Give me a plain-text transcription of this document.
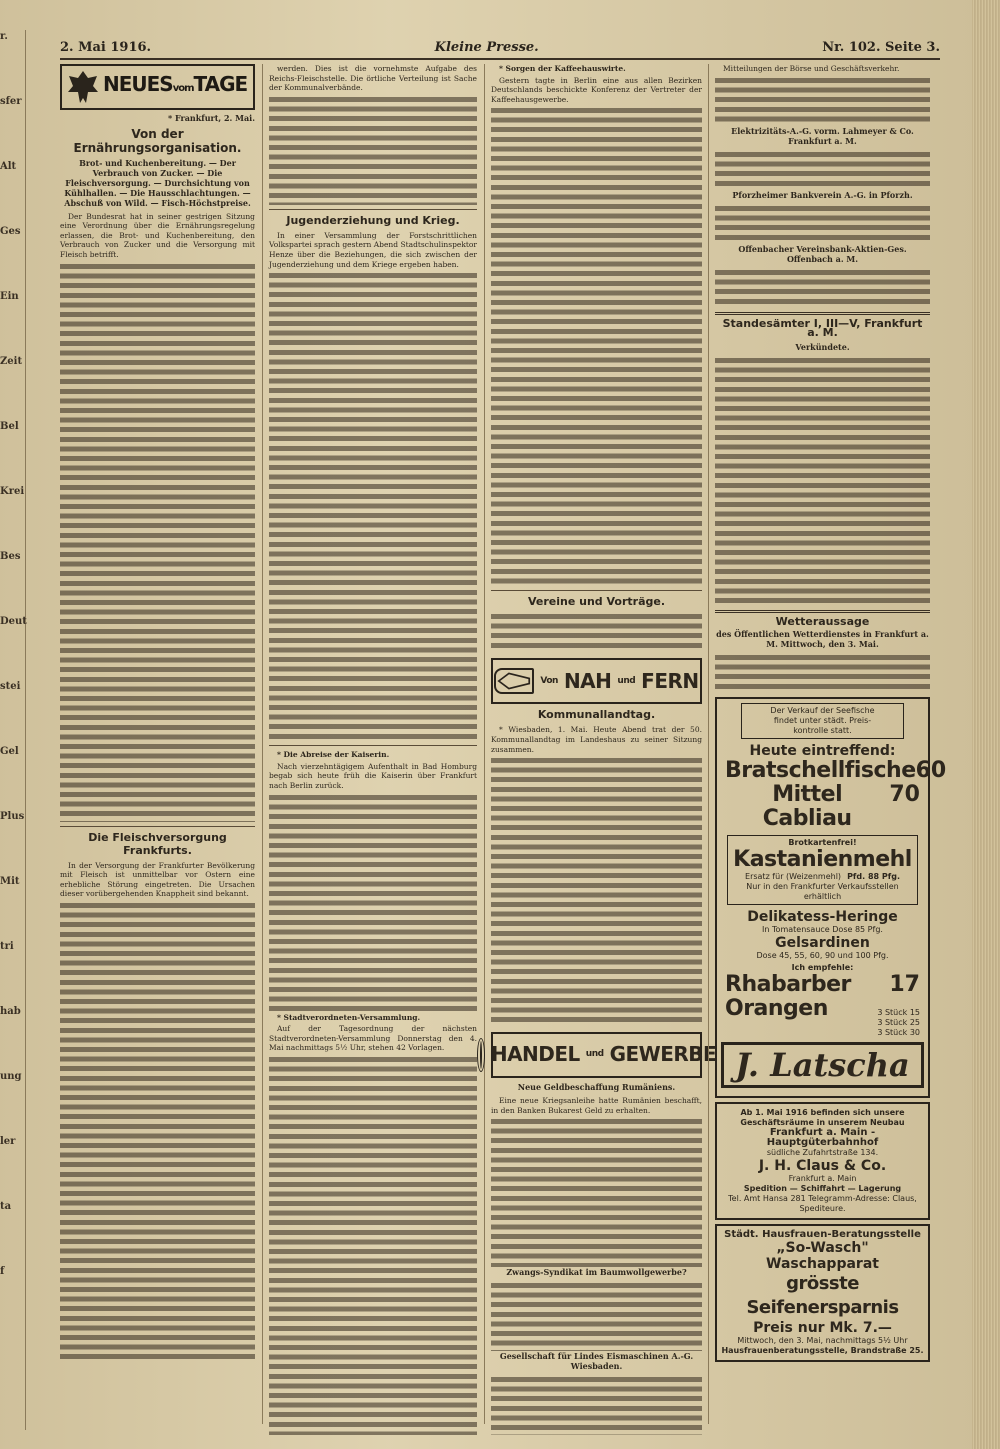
r.
sfer
Alt
Ges
Ein
Zeit
Bel
Krei
Bes
Deut
stei
Gel
Plus
Mit
tri
hab
ung
ler
ta
f
2. Mai 1916.	Kleine Presse.	Nr. 102. Seite 3.
NEUESvomTAGE
* Frankfurt, 2. Mai.
Von der Ernährungsorganisation.
Brot- und Kuchenbereitung. — Der Verbrauch von Zucker. — Die Fleischversorgung. — Durchsichtung von Kühlhallen. — Die Hausschlachtungen. — Abschuß von Wild. — Fisch-Höchstpreise.
Der Bundesrat hat in seiner gestrigen Sitzung eine Verordnung über die Ernährungsregelung erlassen, die Brot- und Kuchenbereitung, den Verbrauch von Zucker und die Versorgung mit Fleisch betrifft.
Die Fleischversorgung Frankfurts.
In der Versorgung der Frankfurter Bevölkerung mit Fleisch ist unmittelbar vor Ostern eine erhebliche Störung eingetreten. Die Ursachen dieser vorübergehenden Knappheit sind bekannt.
werden. Dies ist die vornehmste Aufgabe des Reichs-Fleischstelle. Die örtliche Verteilung ist Sache der Kommunalverbände.
Jugenderziehung und Krieg.
In einer Versammlung der Forstschrittlichen Volkspartei sprach gestern Abend Stadtschulinspektor Henze über die Beziehungen, die sich zwischen der Jugenderziehung und dem Kriege ergeben haben.
* Die Abreise der Kaiserin.
Nach vierzehntägigem Aufenthalt in Bad Homburg begab sich heute früh die Kaiserin über Frankfurt nach Berlin zurück.
* Stadtverordneten-Versammlung.
Auf der Tagesordnung der nächsten Stadtverordneten-Versammlung Donnerstag den 4. Mai nachmittags 5½ Uhr, stehen 42 Vorlagen.
* Sorgen der Kaffeehauswirte.
Gestern tagte in Berlin eine aus allen Bezirken Deutschlands beschickte Konferenz der Vertreter der Kaffeehausgewerbe.
Vereine und Vorträge.
Von NAH und FERN
Kommunallandtag.
* Wiesbaden, 1. Mai. Heute Abend trat der 50. Kommunallandtag im Landeshaus zu seiner Sitzung zusammen.
HANDEL und GEWERBE
Neue Geldbeschaffung Rumäniens.
Eine neue Kriegsanleihe hatte Rumänien beschafft, in den Banken Bukarest Geld zu erhalten.
Zwangs-Syndikat im Baumwollgewerbe?
Gesellschaft für Lindes Eismaschinen A.-G. Wiesbaden.
Mitteilungen der Börse und Geschäftsverkehr.
Elektrizitäts-A.-G. vorm. Lahmeyer & Co. Frankfurt a. M.
Pforzheimer Bankverein A.-G. in Pforzh.
Offenbacher Vereinsbank-Aktien-Ges. Offenbach a. M.
Standesämter I, III—V, Frankfurt a. M.
Verkündete.
Wetteraussage
des Öffentlichen Wetterdienstes in Frankfurt a. M. Mittwoch, den 3. Mai.
Der Verkauf der Seefische
findet unter städt. Preis-
kontrolle statt.
Heute eintreffend:
Bratschellfische 60
Mittel Cabliau
70
Brotkartenfrei!
Kastanienmehl
Ersatz für (Weizenmehl) Pfd. 88 Pfg.
Nur in den Frankfurter Verkaufsstellen erhältlich
Delikatess-Heringe
In Tomatensauce Dose 85 Pfg.
Gelsardinen
Dose 45, 55, 60, 90 und 100 Pfg.
Ich empfehle:
Rhabarber 17
Orangen	3 Stück 15
3 Stück 25
3 Stück 30
J. Latscha
Ab 1. Mai 1916 befinden sich unsere Geschäftsräume in unserem Neubau
Frankfurt a. Main - Hauptgüterbahnhof
südliche Zufahrtstraße 134.
J. H. Claus & Co.
Frankfurt a. Main
Spedition — Schiffahrt — Lagerung
Tel. Amt Hansa 281 Telegramm-Adresse: Claus, Spediteure.
Städt. Hausfrauen-Beratungsstelle
„So-Wasch"
Waschapparat
grösste Seifenersparnis
Preis nur Mk. 7.—
Mittwoch, den 3. Mai, nachmittags 5½ Uhr
Hausfrauenberatungsstelle, Brandstraße 25.
